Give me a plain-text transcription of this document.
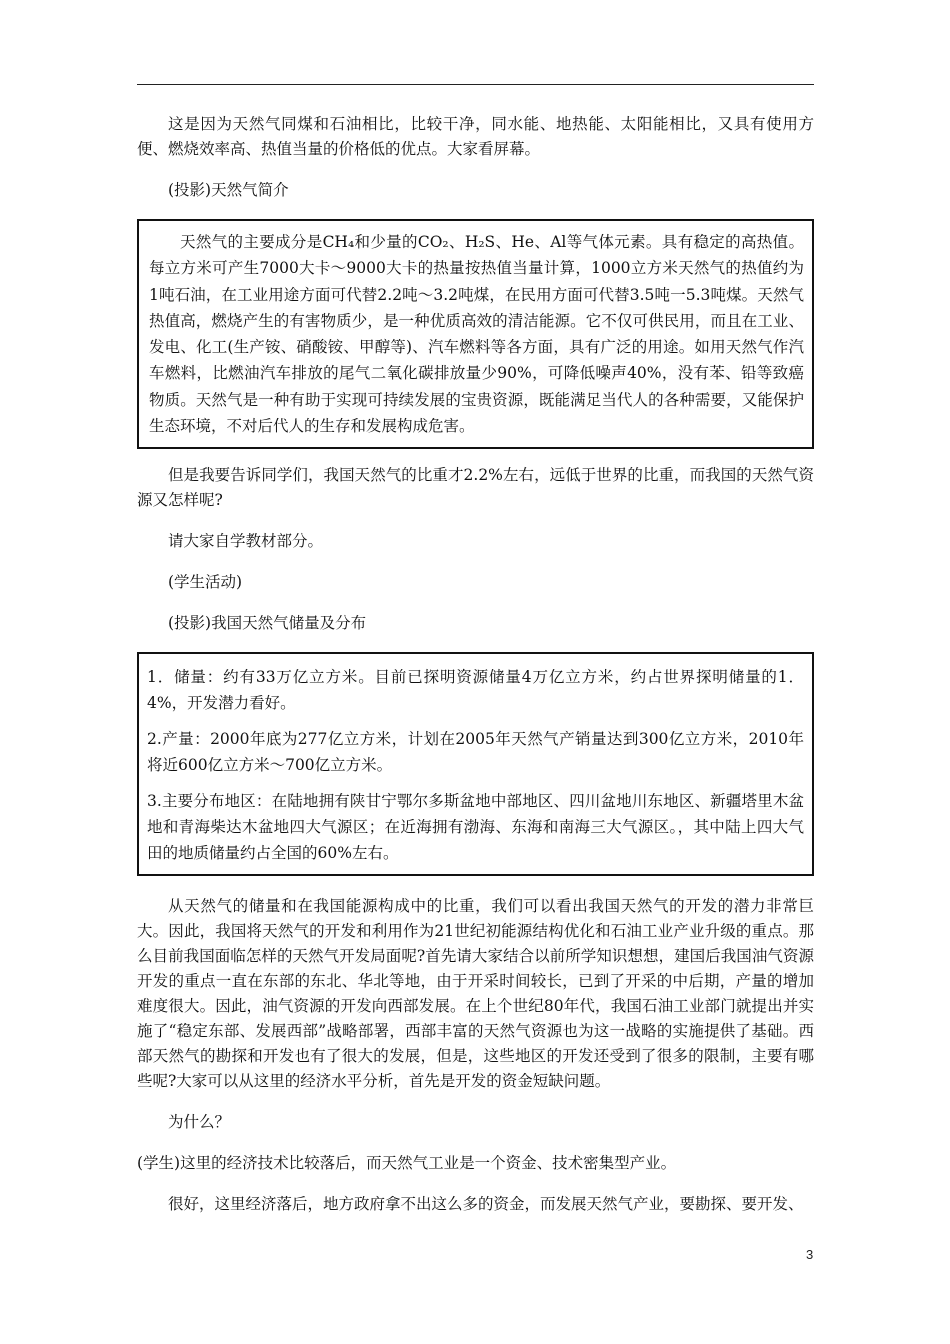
这是因为天然气同煤和石油相比，比较干净，同水能、地热能、太阳能相比，又具有使用方便、燃烧效率高、热值当量的价格低的优点。大家看屏幕。

(投影)天然气简介

天然气的主要成分是CH₄和少量的CO₂、H₂S、He、Al等气体元素。具有稳定的高热值。每立方米可产生7000大卡～9000大卡的热量按热值当量计算，1000立方米天然气的热值约为1吨石油，在工业用途方面可代替2.2吨～3.2吨煤，在民用方面可代替3.5吨一5.3吨煤。天然气热值高，燃烧产生的有害物质少，是一种优质高效的清洁能源。它不仅可供民用，而且在工业、发电、化工(生产铵、硝酸铵、甲醇等)、汽车燃料等各方面，具有广泛的用途。如用天然气作汽车燃料，比燃油汽车排放的尾气二氧化碳排放量少90%，可降低噪声40%，没有苯、铅等致癌物质。天然气是一种有助于实现可持续发展的宝贵资源，既能满足当代人的各种需要，又能保护生态环境，不对后代人的生存和发展构成危害。

但是我要告诉同学们，我国天然气的比重才2.2%左右，远低于世界的比重，而我国的天然气资源又怎样呢?

请大家自学教材部分。

(学生活动)

(投影)我国天然气储量及分布

1．储量：约有33万亿立方米。目前已探明资源储量4万亿立方米，约占世界探明储量的1．4%，开发潜力看好。

2.产量：2000年底为277亿立方米，计划在2005年天然气产销量达到300亿立方米，2010年将近600亿立方米～700亿立方米。

3.主要分布地区：在陆地拥有陕甘宁鄂尔多斯盆地中部地区、四川盆地川东地区、新疆塔里木盆地和青海柴达木盆地四大气源区；在近海拥有渤海、东海和南海三大气源区。，其中陆上四大气田的地质储量约占全国的60%左右。

从天然气的储量和在我国能源构成中的比重，我们可以看出我国天然气的开发的潜力非常巨大。因此，我国将天然气的开发和利用作为21世纪初能源结构优化和石油工业产业升级的重点。那么目前我国面临怎样的天然气开发局面呢?首先请大家结合以前所学知识想想，建国后我国油气资源开发的重点一直在东部的东北、华北等地，由于开采时间较长，已到了开采的中后期，产量的增加难度很大。因此，油气资源的开发向西部发展。在上个世纪80年代，我国石油工业部门就提出并实施了“稳定东部、发展西部”战略部署，西部丰富的天然气资源也为这一战略的实施提供了基础。西部天然气的勘探和开发也有了很大的发展，但是，这些地区的开发还受到了很多的限制，主要有哪些呢?大家可以从这里的经济水平分析，首先是开发的资金短缺问题。

为什么？

(学生)这里的经济技术比较落后，而天然气工业是一个资金、技术密集型产业。

很好，这里经济落后，地方政府拿不出这么多的资金，而发展天然气产业，要勘探、要开发、

3
